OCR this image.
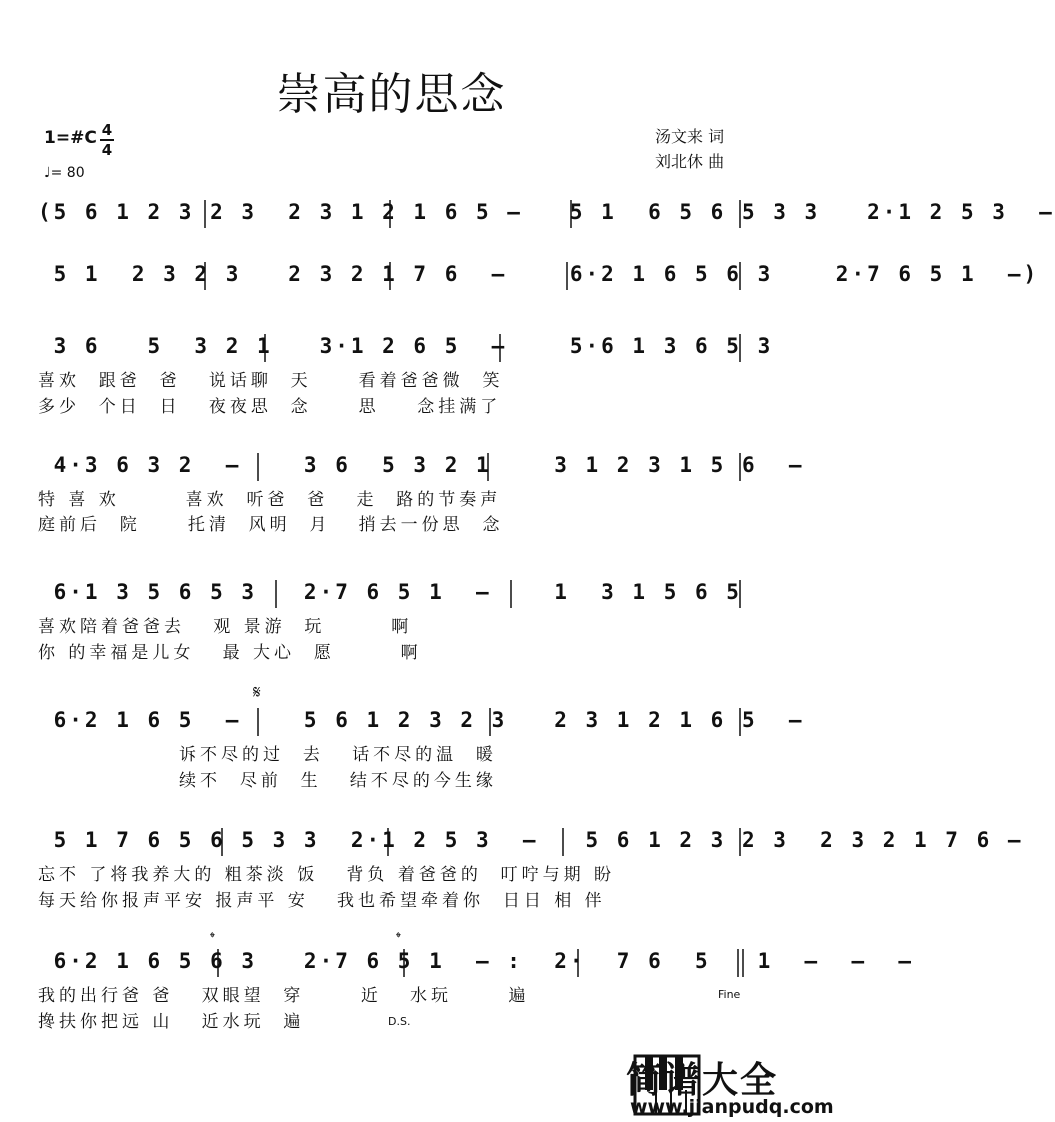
崇高的思念
1=#C 4
4
♩= 80
汤文来 词
刘北休 曲
(5 6 1 2 3 2 3  2 3 1 2 1 6 5 –   5 1  6 5 6 5 3 3   2·1 2 5 3  –
5 1  2 3 2 3   2 3 2 1 7 6  –    6·2 1 6 5 6 3    2·7 6 5 1  –)
3 6   5  3 2 1   3·1 2 6 5  –    5·6 1 3 6 5 3
喜欢  跟爸  爸   说话聊  天     看着爸爸微  笑
多少  个日  日   夜夜思  念     思    念挂满了
4·3 6 3 2  –    3 6  5 3 2 1    3 1 2 3 1 5 6  –
特 喜 欢       喜欢  听爸  爸   走  路的节奏声
庭前后  院     托清  风明  月   捎去一份思  念
6·1 3 5 6 5 3   2·7 6 5 1  –    1  3 1 5 6 5
喜欢陪着爸爸去   观 景游  玩       啊
你 的幸福是儿女   最 大心  愿       啊
6·2 1 6 5  –    5 6 1 2 3 2 3   2 3 1 2 1 6 5  –
诉不尽的过  去   话不尽的温  暖
续不  尽前  生   结不尽的今生缘
5 1 7 6 5 6 5 3 3  2·1 2 5 3  –   5 6 1 2 3 2 3  2 3 2 1 7 6 –
忘不 了将我养大的 粗茶淡 饭   背负 着爸爸的  叮咛与期 盼
每天给你报声平安 报声平 安   我也希望牵着你  日日 相 伴
6·2 1 6 5 6 3   2·7 6 5 1  – :  2·  7 6  5   1  –  –  –
我的出行爸 爸   双眼望  穿      近   水玩      遍
搀扶你把远 山   近水玩  遍
𝄋
𝄌	𝄌
Fine
D.S.
简谱大全
www.jianpudq.com
